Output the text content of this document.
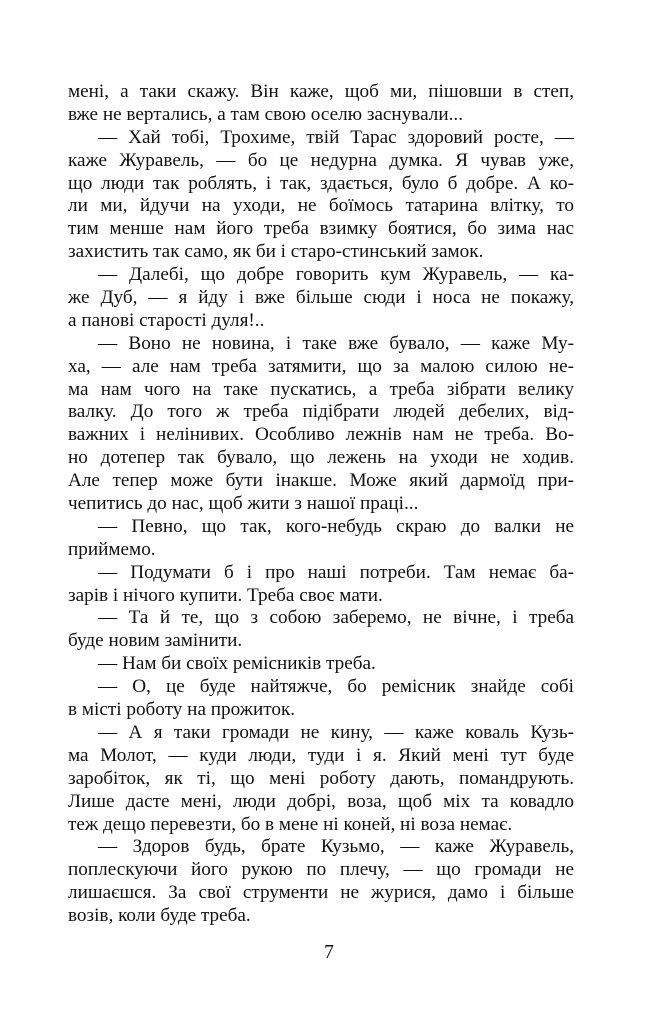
мені, а таки скажу. Він каже, щоб ми, пішовши в степ,
вже не вертались, а там свою оселю заснували...
— Хай тобі, Трохиме, твій Тарас здоровий росте, —
каже Журавель, — бо це недурна думка. Я чував уже,
що люди так роблять, і так, здається, було б добре. А ко-
ли ми, йдучи на уходи, не боїмось татарина влітку, то
тим менше нам його треба взимку боятися, бо зима нас
захистить так само, як би і старо-стинський замок.
— Далебі, що добре говорить кум Журавель, — ка-
же Дуб, — я йду і вже більше сюди і носа не покажу,
а панові старості дуля!..
— Воно не новина, і таке вже бувало, — каже Му-
ха, — але нам треба затямити, що за малою силою не-
ма нам чого на таке пускатись, а треба зібрати велику
валку. До того ж треба підібрати людей дебелих, від-
важних і нелінивих. Особливо лежнів нам не треба. Во-
но дотепер так бувало, що лежень на уходи не ходив.
Але тепер може бути інакше. Може який дармоїд при-
чепитись до нас, щоб жити з нашої праці...
— Певно, що так, кого-небудь скраю до валки не
приймемо.
— Подумати б і про наші потреби. Там немає ба-
зарів і нічого купити. Треба своє мати.
— Та й те, що з собою заберемо, не вічне, і треба
буде новим замінити.
— Нам би своїх ремісників треба.
— О, це буде найтяжче, бо ремісник знайде собі
в місті роботу на прожиток.
— А я таки громади не кину, — каже коваль Кузь-
ма Молот, — куди люди, туди і я. Який мені тут буде
заробіток, як ті, що мені роботу дають, помандрують.
Лише дасте мені, люди добрі, воза, щоб міх та ковадло
теж дещо перевезти, бо в мене ні коней, ні воза немає.
— Здоров будь, брате Кузьмо, — каже Журавель,
поплескуючи його рукою по плечу, — що громади не
лишаєшся. За свої струменти не журися, дамо і більше
возів, коли буде треба.
7
